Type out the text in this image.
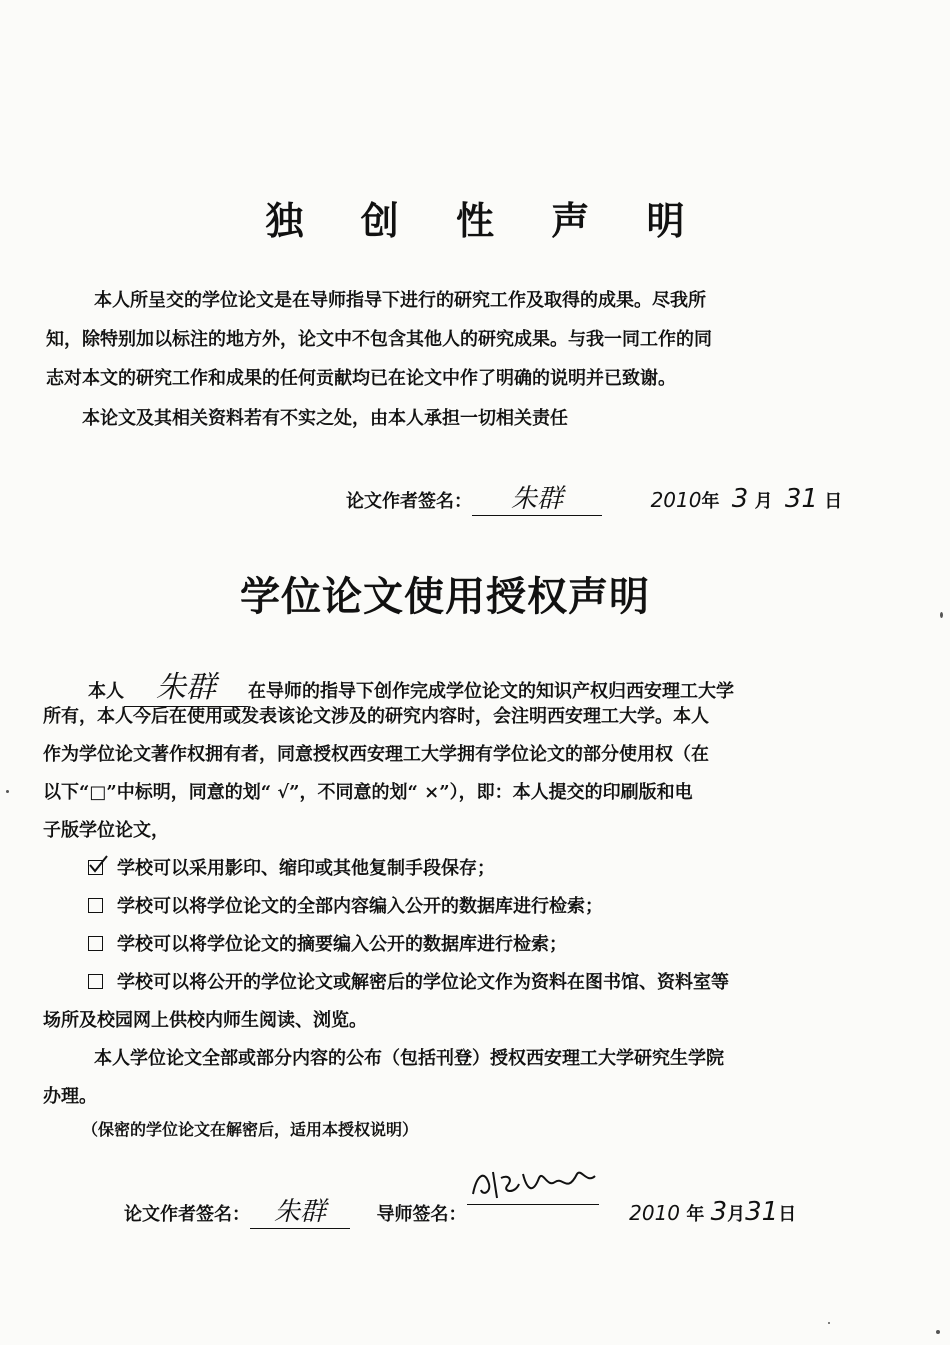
独 创 性 声 明
本人所呈交的学位论文是在导师指导下进行的研究工作及取得的成果。尽我所
知，除特别加以标注的地方外，论文中不包含其他人的研究成果。与我一同工作的同
志对本文的研究工作和成果的任何贡献均已在论文中作了明确的说明并已致谢。
本论文及其相关资料若有不实之处，由本人承担一切相关责任
论文作者签名： 朱群	2010年 3 月 31 日
学位论文使用授权声明
本人 朱群 在导师的指导下创作完成学位论文的知识产权归西安理工大学
所有，本人今后在使用或发表该论文涉及的研究内容时，会注明西安理工大学。本人
作为学位论文著作权拥有者，同意授权西安理工大学拥有学位论文的部分使用权（在
以下“□”中标明，同意的划“ √”，不同意的划“ ×”），即：本人提交的印刷版和电
子版学位论文，
学校可以采用影印、缩印或其他复制手段保存；
学校可以将学位论文的全部内容编入公开的数据库进行检索；
学校可以将学位论文的摘要编入公开的数据库进行检索；
学校可以将公开的学位论文或解密后的学位论文作为资料在图书馆、资料室等
场所及校园网上供校内师生阅读、浏览。
本人学位论文全部或部分内容的公布（包括刊登）授权西安理工大学研究生学院
办理。
（保密的学位论文在解密后，适用本授权说明）
论文作者签名： 朱群	导师签名：	2010 年 3月31日
